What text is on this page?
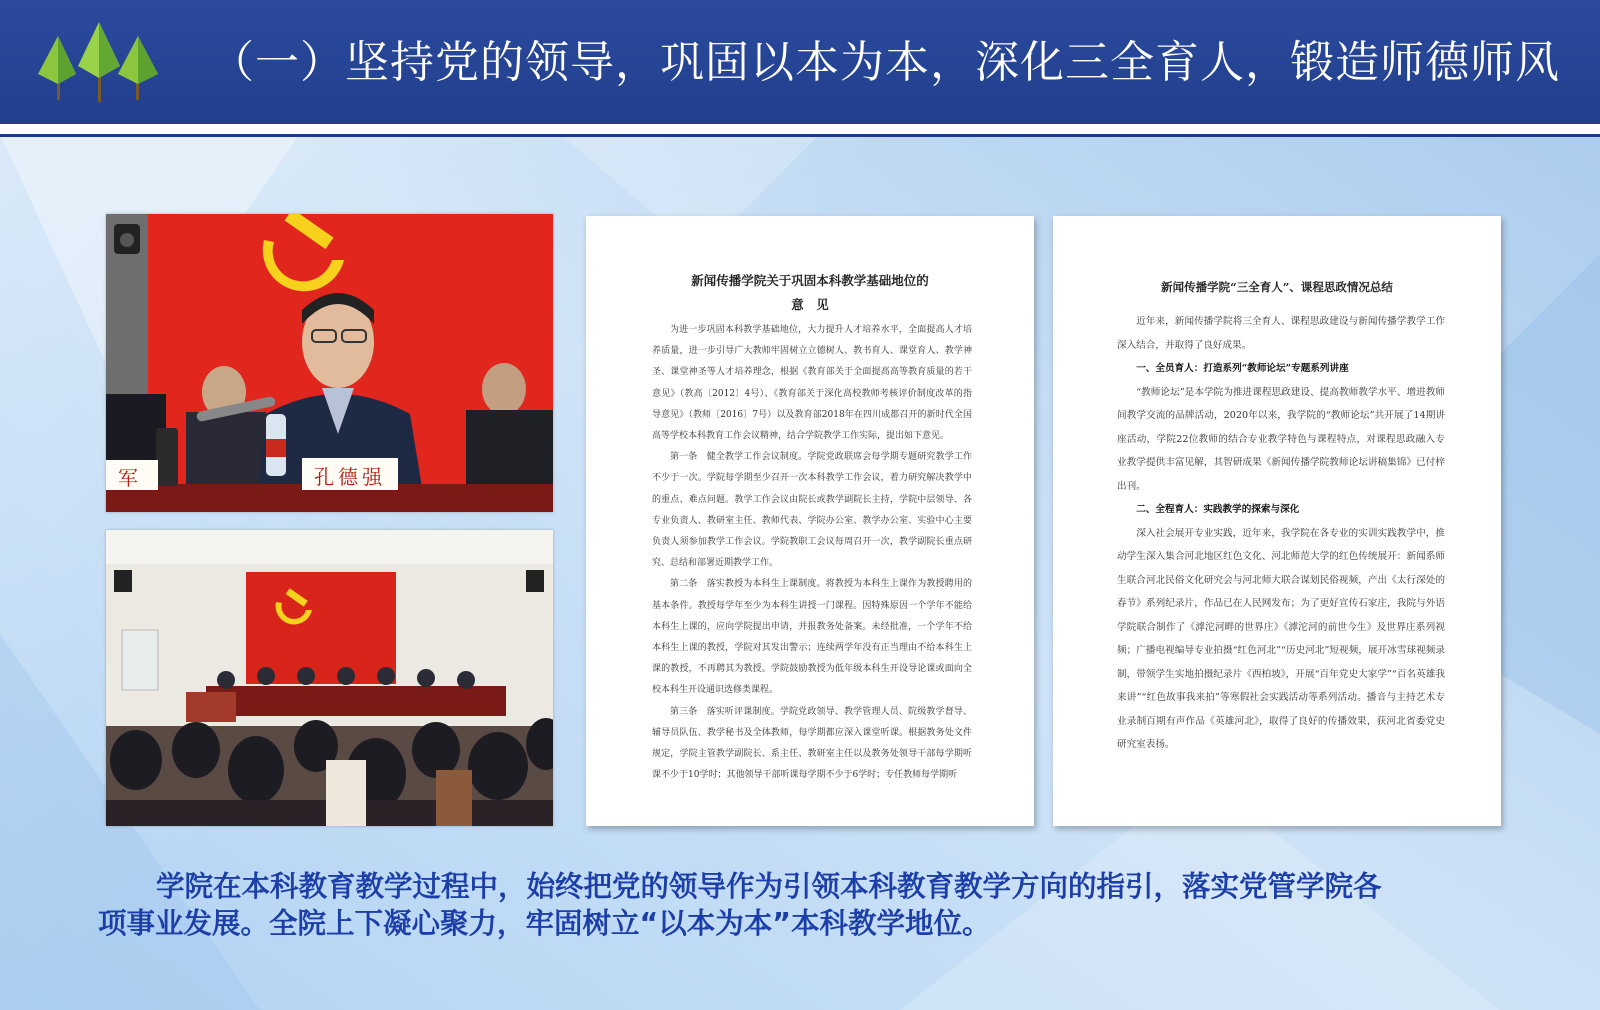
（一）坚持党的领导，巩固以本为本，深化三全育人，锻造师德师风
军	孔德强
新闻传播学院关于巩固本科教学基础地位的
意　见

为进一步巩固本科教学基础地位，大力提升人才培养水平，全面提高人才培养质量，进一步引导广大教师牢固树立立德树人、教书育人、课堂育人、教学神圣、课堂神圣等人才培养理念，根据《教育部关于全面提高高等教育质量的若干意见》（教高〔2012〕4号）、《教育部关于深化高校教师考核评价制度改革的指导意见》（教师〔2016〕7号）以及教育部2018年在四川成都召开的新时代全国高等学校本科教育工作会议精神，结合学院教学工作实际，提出如下意见。

第一条　健全教学工作会议制度。学院党政联席会每学期专题研究教学工作不少于一次。学院每学期至少召开一次本科教学工作会议，着力研究解决教学中的重点、难点问题。教学工作会议由院长或教学副院长主持，学院中层领导、各专业负责人、教研室主任、教师代表、学院办公室、教学办公室、实验中心主要负责人须参加教学工作会议。学院教职工会议每周召开一次，教学副院长重点研究、总结和部署近期教学工作。

第二条　落实教授为本科生上课制度。将教授为本科生上课作为教授聘用的基本条件。教授每学年至少为本科生讲授一门课程。因特殊原因一个学年不能给本科生上课的，应向学院提出申请，并报教务处备案。未经批准，一个学年不给本科生上课的教授，学院对其发出警示；连续两学年没有正当理由不给本科生上课的教授，不再聘其为教授。学院鼓励教授为低年级本科生开设导论课或面向全校本科生开设通识选修类课程。

第三条　落实听评课制度。学院党政领导、教学管理人员、院级教学督导、辅导员队伍、教学秘书及全体教师，每学期都应深入课堂听课。根据教务处文件规定，学院主管教学副院长、系主任、教研室主任以及教务处领导干部每学期听课不少于10学时；其他领导干部听课每学期不少于6学时；专任教师每学期听

新闻传播学院“三全育人”、课程思政情况总结

近年来，新闻传播学院将三全育人、课程思政建设与新闻传播学教学工作深入结合，并取得了良好成果。

一、全员育人：打造系列“教师论坛”专题系列讲座

“教师论坛”是本学院为推进课程思政建设、提高教师教学水平、增进教师间教学交流的品牌活动，2020年以来，我学院的“教师论坛”共开展了14期讲座活动，学院22位教师的结合专业教学特色与课程特点，对课程思政融入专业教学提供丰富见解，其智研成果《新闻传播学院教师论坛讲稿集锦》已付梓出刊。

二、全程育人：实践教学的探索与深化

深入社会展开专业实践，近年来，我学院在各专业的实训实践教学中，推动学生深入集合河北地区红色文化、河北师范大学的红色传统展开：新闻系师生联合河北民俗文化研究会与河北师大联合谋划民俗视频，产出《太行深处的春节》系列纪录片，作品已在人民网发布；为了更好宣传石家庄，我院与外语学院联合制作了《滹沱河畔的世界庄》《滹沱河的前世今生》及世界庄系列视频；广播电视编导专业拍摄“红色河北”“历史河北”短视频，展开冰雪球视频录制，带领学生实地拍摄纪录片《西柏坡》，开展“百年党史大家学”“百名英雄我来讲”“红色故事我来拍”等寒假社会实践活动等系列活动。播音与主持艺术专业录制百期有声作品《英雄河北》，取得了良好的传播效果，获河北省委党史研究室表扬。

学院在本科教育教学过程中，始终把党的领导作为引领本科教育教学方向的指引，落实党管学院各
项事业发展。全院上下凝心聚力，牢固树立“以本为本”本科教学地位。
